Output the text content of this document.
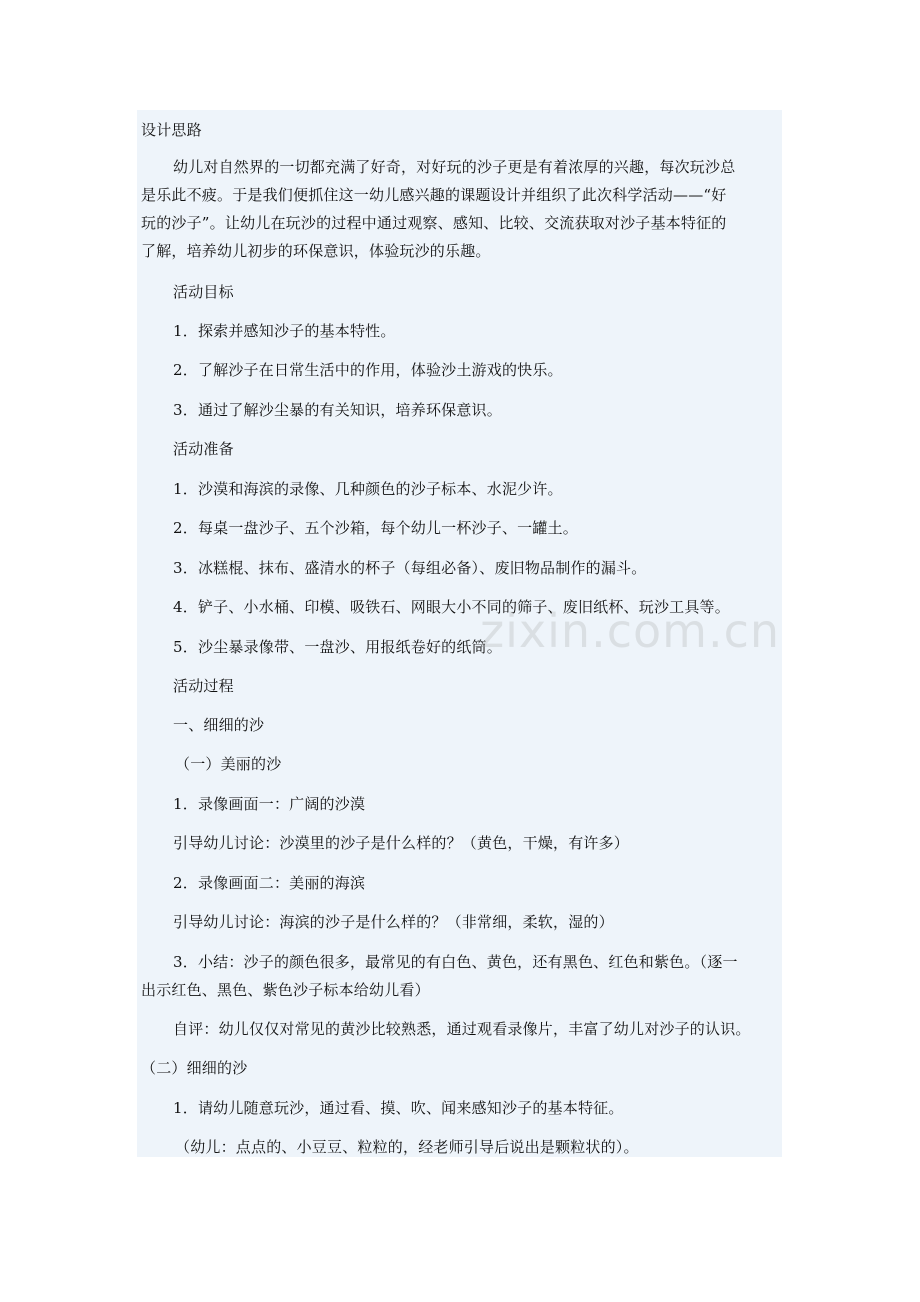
设计思路
幼儿对自然界的一切都充满了好奇，对好玩的沙子更是有着浓厚的兴趣，每次玩沙总
是乐此不疲。于是我们便抓住这一幼儿感兴趣的课题设计并组织了此次科学活动——“好
玩的沙子”。让幼儿在玩沙的过程中通过观察、感知、比较、交流获取对沙子基本特征的
了解，培养幼儿初步的环保意识，体验玩沙的乐趣。
活动目标
1．探索并感知沙子的基本特性。
2．了解沙子在日常生活中的作用，体验沙土游戏的快乐。
3．通过了解沙尘暴的有关知识，培养环保意识。
活动准备
1．沙漠和海滨的录像、几种颜色的沙子标本、水泥少许。
2．每桌一盘沙子、五个沙箱，每个幼儿一杯沙子、一罐土。
3．冰糕棍、抹布、盛清水的杯子（每组必备）、废旧物品制作的漏斗。
4．铲子、小水桶、印模、吸铁石、网眼大小不同的筛子、废旧纸杯、玩沙工具等。
5．沙尘暴录像带、一盘沙、用报纸卷好的纸筒。
活动过程
一、细细的沙
（一）美丽的沙
1．录像画面一：广阔的沙漠
引导幼儿讨论：沙漠里的沙子是什么样的？（黄色，干燥，有许多）
2．录像画面二：美丽的海滨
引导幼儿讨论：海滨的沙子是什么样的？（非常细，柔软，湿的）
3．小结：沙子的颜色很多，最常见的有白色、黄色，还有黑色、红色和紫色。（逐一
出示红色、黑色、紫色沙子标本给幼儿看）
自评：幼儿仅仅对常见的黄沙比较熟悉，通过观看录像片，丰富了幼儿对沙子的认识。
（二）细细的沙
1．请幼儿随意玩沙，通过看、摸、吹、闻来感知沙子的基本特征。
（幼儿：点点的、小豆豆、粒粒的，经老师引导后说出是颗粒状的）。
zixin.com.cn
